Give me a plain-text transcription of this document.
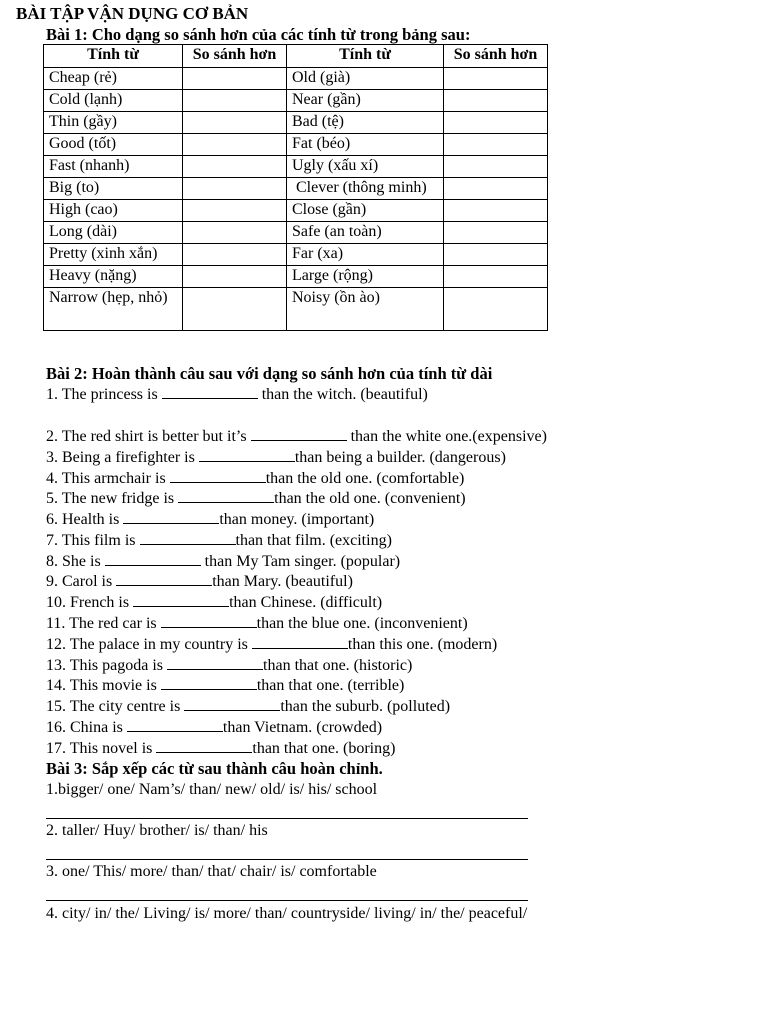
BÀI TẬP VẬN DỤNG CƠ BẢN
Bài 1: Cho dạng so sánh hơn của các tính từ trong bảng sau:
Tính từ	So sánh hơn	Tính từ	So sánh hơn
Cheap (rẻ)		Old (già)	
Cold (lạnh)		Near (gần)	
Thin (gầy)		Bad (tệ)	
Good (tốt)		Fat (béo)	
Fast (nhanh)		Ugly (xấu xí)	
Big (to)		Clever (thông minh)	
High (cao)		Close (gần)	
Long (dài)		Safe (an toàn)	
Pretty (xinh xắn)		Far (xa)	
Heavy (nặng)		Large (rộng)	
Narrow (hẹp, nhỏ)		Noisy (ồn ào)	
Bài 2: Hoàn thành câu sau với dạng so sánh hơn của tính từ dài
1. The princess is	than the witch. (beautiful)
2. The red shirt is better but it’s	than the white one.(expensive)
3. Being a firefighter is	than being a builder. (dangerous)
4. This armchair is	than the old one. (comfortable)
5. The new fridge is	than the old one. (convenient)
6. Health is	than money. (important)
7. This film is	than that film. (exciting)
8. She is	than My Tam singer. (popular)
9. Carol is	than Mary. (beautiful)
10. French is	than Chinese. (difficult)
11. The red car is	than the blue one. (inconvenient)
12. The palace in my country is	than this one. (modern)
13. This pagoda is	than that one. (historic)
14. This movie is	than that one. (terrible)
15. The city centre is	than the suburb. (polluted)
16. China is	than Vietnam. (crowded)
17. This novel is	than that one. (boring)
Bài 3: Sắp xếp các từ sau thành câu hoàn chỉnh.
1.bigger/ one/ Nam’s/ than/ new/ old/ is/ his/ school
2. taller/ Huy/ brother/ is/ than/ his
3. one/ This/ more/ than/ that/ chair/ is/ comfortable
4. city/ in/ the/ Living/ is/ more/ than/ countryside/ living/ in/ the/ peaceful/
